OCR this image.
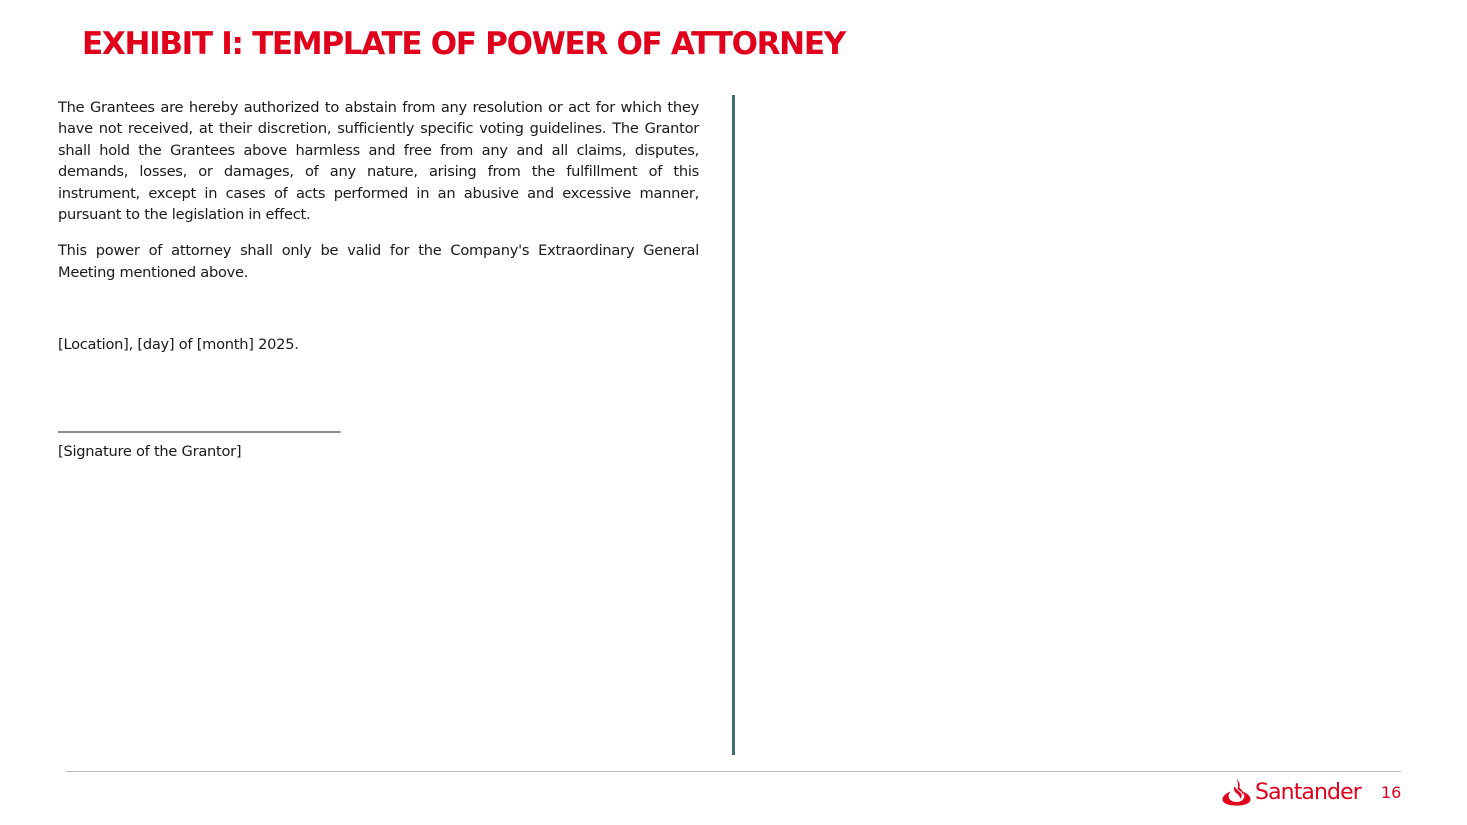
EXHIBIT I: TEMPLATE OF POWER OF ATTORNEY

The Grantees are hereby authorized to abstain from any resolution or act for which they have not received, at their discretion, sufficiently specific voting guidelines. The Grantor shall hold the Grantees above harmless and free from any and all claims, disputes, demands, losses, or damages, of any nature, arising from the fulfillment of this instrument, except in cases of acts performed in an abusive and excessive manner, pursuant to the legislation in effect.

This power of attorney shall only be valid for the Company's Extraordinary General Meeting mentioned above.

[Location], [day] of [month] 2025.

____________________________________________

[Signature of the Grantor]

Santander 16
